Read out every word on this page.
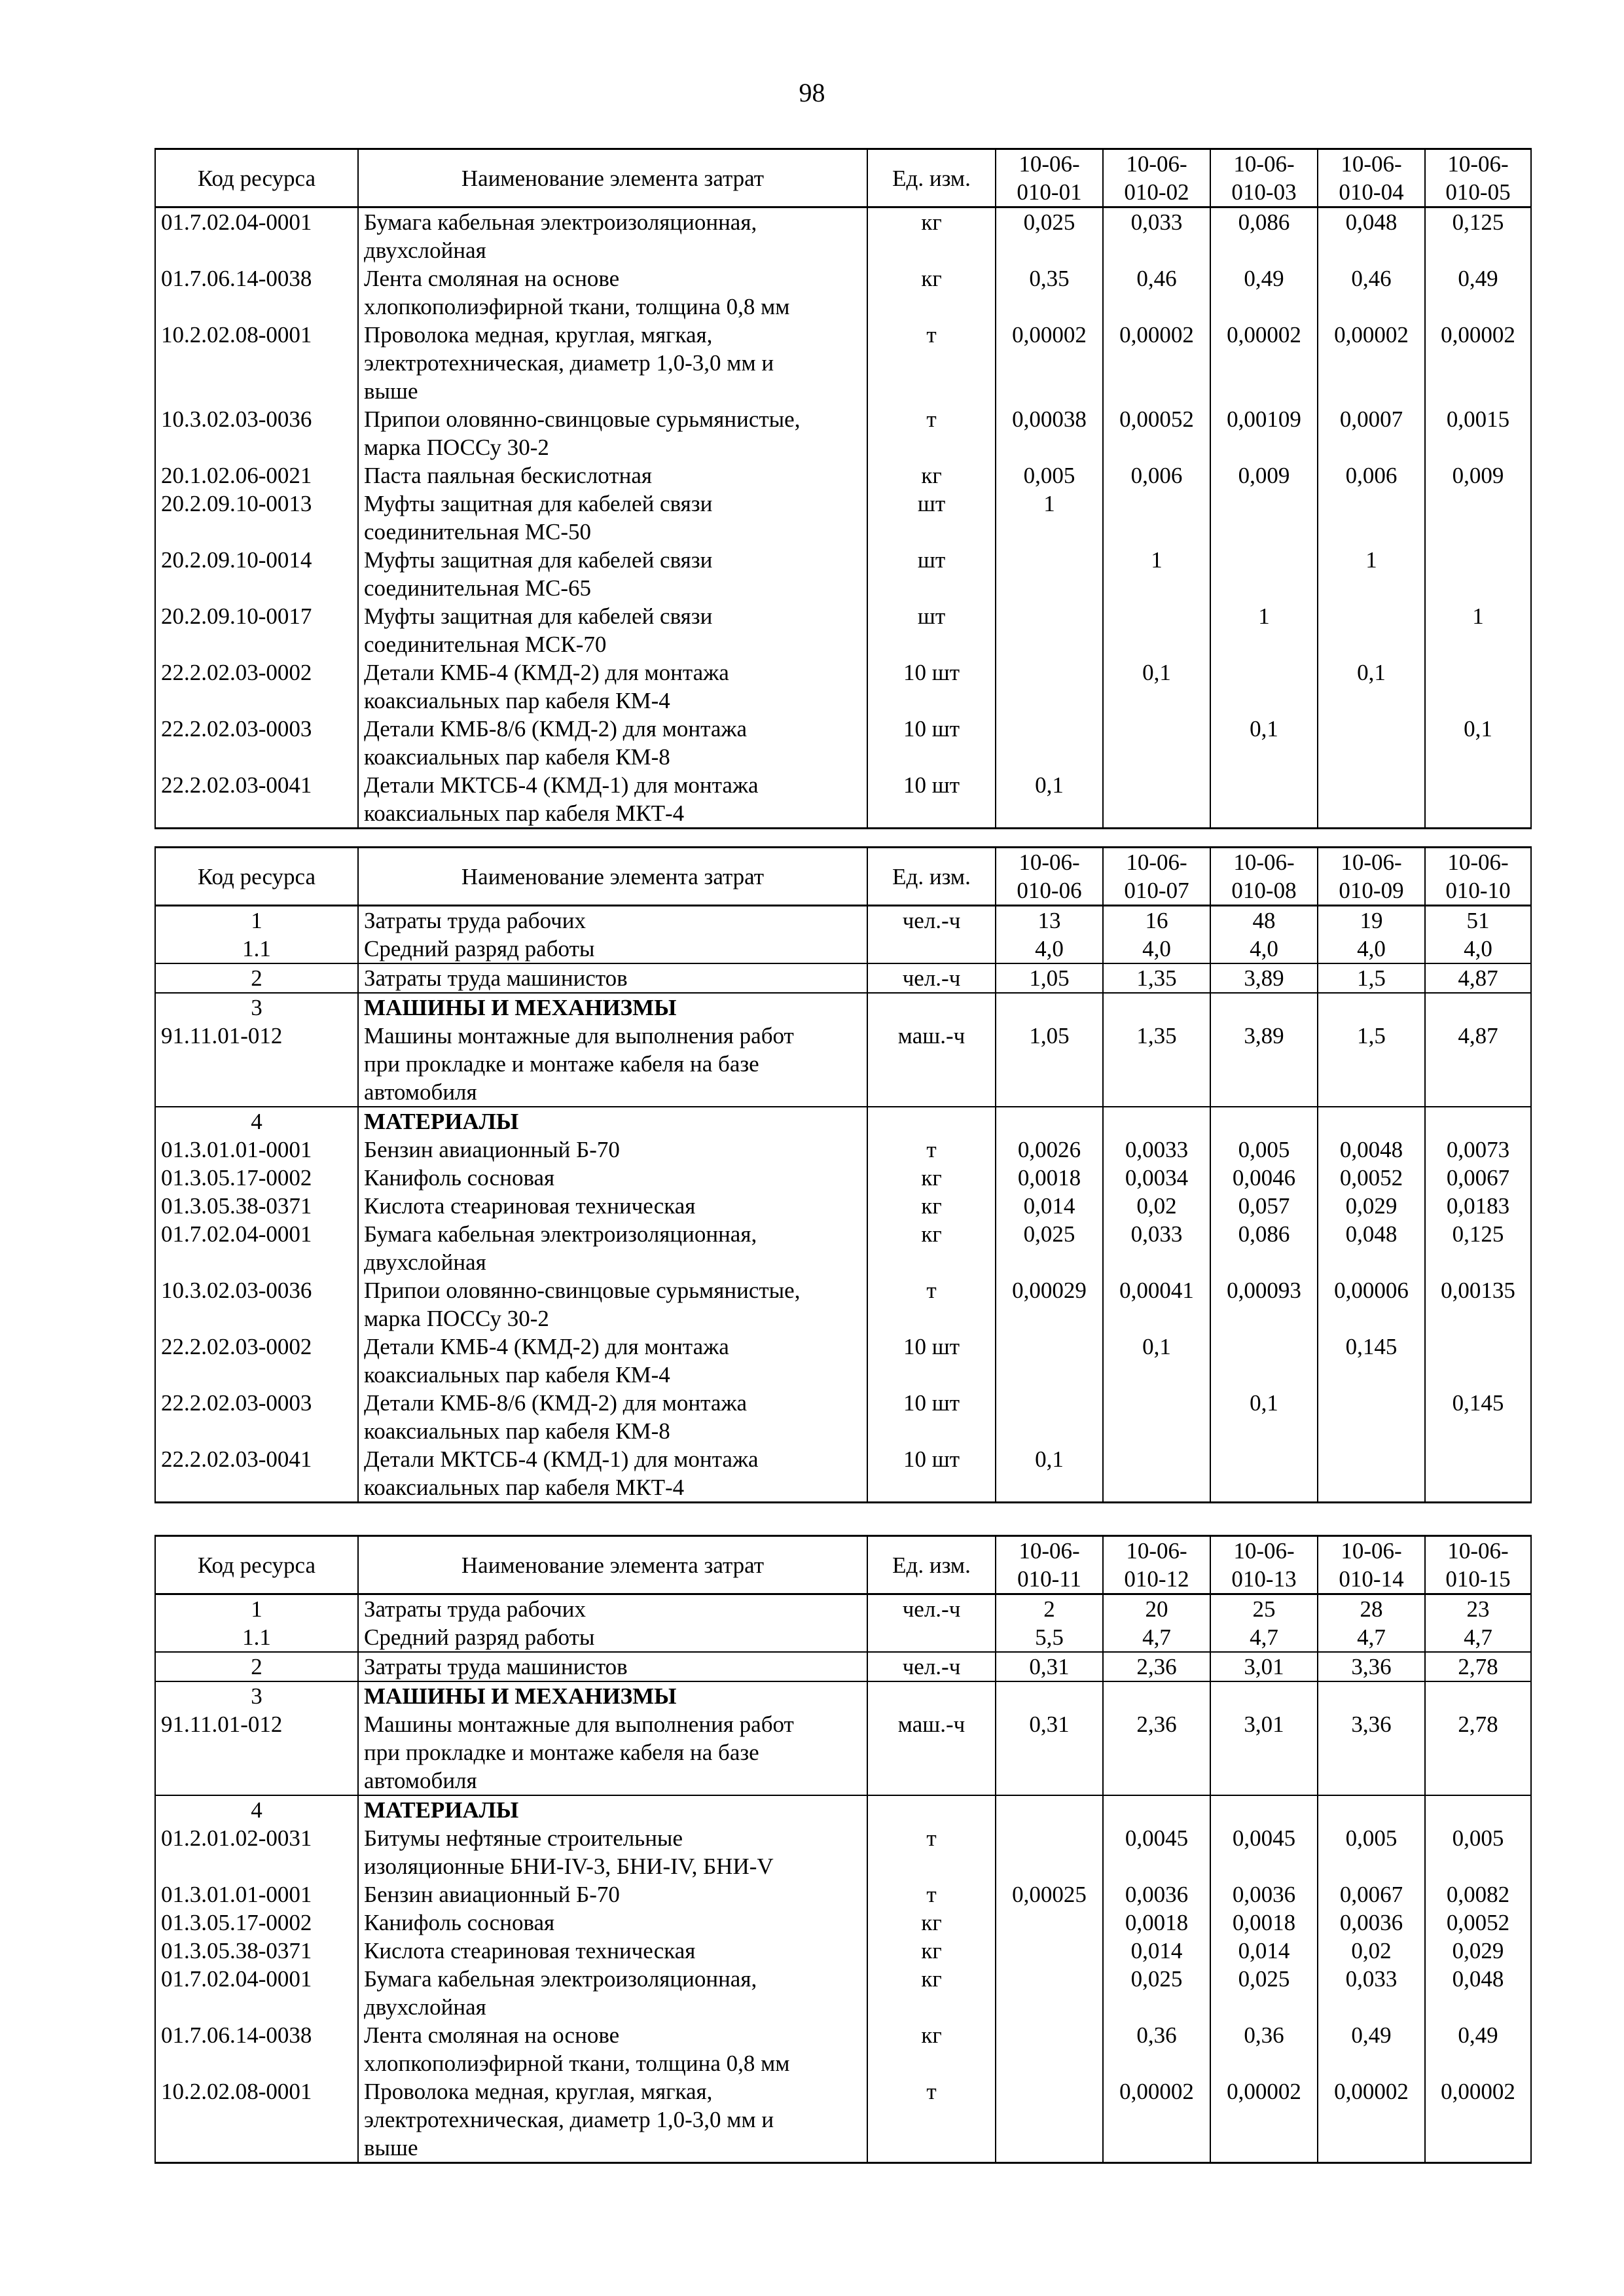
98
Код ресурса	Наименование элемента затрат	Ед. изм.	10-06-
010-01	10-06-
010-02	10-06-
010-03	10-06-
010-04	10-06-
010-05
01.7.02.04-0001	Бумага кабельная электроизоляционная,
двухслойная	кг	0,025	0,033	0,086	0,048	0,125
01.7.06.14-0038	Лента смоляная на основе
хлопкополиэфирной ткани, толщина 0,8 мм	кг	0,35	0,46	0,49	0,46	0,49
10.2.02.08-0001	Проволока медная, круглая, мягкая,
электротехническая, диаметр 1,0-3,0 мм и
выше	т	0,00002	0,00002	0,00002	0,00002	0,00002
10.3.02.03-0036	Припои оловянно-свинцовые сурьмянистые,
марка ПОССу 30-2	т	0,00038	0,00052	0,00109	0,0007	0,0015
20.1.02.06-0021	Паста паяльная бескислотная	кг	0,005	0,006	0,009	0,006	0,009
20.2.09.10-0013	Муфты защитная для кабелей связи
соединительная МС-50	шт	1				
20.2.09.10-0014	Муфты защитная для кабелей связи
соединительная МС-65	шт		1		1	
20.2.09.10-0017	Муфты защитная для кабелей связи
соединительная МСК-70	шт			1		1
22.2.02.03-0002	Детали КМБ-4 (КМД-2) для монтажа
коаксиальных пар кабеля КМ-4	10 шт		0,1		0,1	
22.2.02.03-0003	Детали КМБ-8/6 (КМД-2) для монтажа
коаксиальных пар кабеля КМ-8	10 шт			0,1		0,1
22.2.02.03-0041	Детали МКТСБ-4 (КМД-1) для монтажа
коаксиальных пар кабеля МКТ-4	10 шт	0,1				
Код ресурса	Наименование элемента затрат	Ед. изм.	10-06-
010-06	10-06-
010-07	10-06-
010-08	10-06-
010-09	10-06-
010-10
1	Затраты труда рабочих	чел.-ч	13	16	48	19	51
1.1	Средний разряд работы		4,0	4,0	4,0	4,0	4,0
2	Затраты труда машинистов	чел.-ч	1,05	1,35	3,89	1,5	4,87
3	МАШИНЫ И МЕХАНИЗМЫ						
91.11.01-012	Машины монтажные для выполнения работ
при прокладке и монтаже кабеля на базе
автомобиля	маш.-ч	1,05	1,35	3,89	1,5	4,87
4	МАТЕРИАЛЫ						
01.3.01.01-0001	Бензин авиационный Б-70	т	0,0026	0,0033	0,005	0,0048	0,0073
01.3.05.17-0002	Канифоль сосновая	кг	0,0018	0,0034	0,0046	0,0052	0,0067
01.3.05.38-0371	Кислота стеариновая техническая	кг	0,014	0,02	0,057	0,029	0,0183
01.7.02.04-0001	Бумага кабельная электроизоляционная,
двухслойная	кг	0,025	0,033	0,086	0,048	0,125
10.3.02.03-0036	Припои оловянно-свинцовые сурьмянистые,
марка ПОССу 30-2	т	0,00029	0,00041	0,00093	0,00006	0,00135
22.2.02.03-0002	Детали КМБ-4 (КМД-2) для монтажа
коаксиальных пар кабеля КМ-4	10 шт		0,1		0,145	
22.2.02.03-0003	Детали КМБ-8/6 (КМД-2) для монтажа
коаксиальных пар кабеля КМ-8	10 шт			0,1		0,145
22.2.02.03-0041	Детали МКТСБ-4 (КМД-1) для монтажа
коаксиальных пар кабеля МКТ-4	10 шт	0,1				
Код ресурса	Наименование элемента затрат	Ед. изм.	10-06-
010-11	10-06-
010-12	10-06-
010-13	10-06-
010-14	10-06-
010-15
1	Затраты труда рабочих	чел.-ч	2	20	25	28	23
1.1	Средний разряд работы		5,5	4,7	4,7	4,7	4,7
2	Затраты труда машинистов	чел.-ч	0,31	2,36	3,01	3,36	2,78
3	МАШИНЫ И МЕХАНИЗМЫ						
91.11.01-012	Машины монтажные для выполнения работ
при прокладке и монтаже кабеля на базе
автомобиля	маш.-ч	0,31	2,36	3,01	3,36	2,78
4	МАТЕРИАЛЫ						
01.2.01.02-0031	Битумы нефтяные строительные
изоляционные БНИ-IV-3, БНИ-IV, БНИ-V	т		0,0045	0,0045	0,005	0,005
01.3.01.01-0001	Бензин авиационный Б-70	т	0,00025	0,0036	0,0036	0,0067	0,0082
01.3.05.17-0002	Канифоль сосновая	кг		0,0018	0,0018	0,0036	0,0052
01.3.05.38-0371	Кислота стеариновая техническая	кг		0,014	0,014	0,02	0,029
01.7.02.04-0001	Бумага кабельная электроизоляционная,
двухслойная	кг		0,025	0,025	0,033	0,048
01.7.06.14-0038	Лента смоляная на основе
хлопкополиэфирной ткани, толщина 0,8 мм	кг		0,36	0,36	0,49	0,49
10.2.02.08-0001	Проволока медная, круглая, мягкая,
электротехническая, диаметр 1,0-3,0 мм и
выше	т		0,00002	0,00002	0,00002	0,00002
